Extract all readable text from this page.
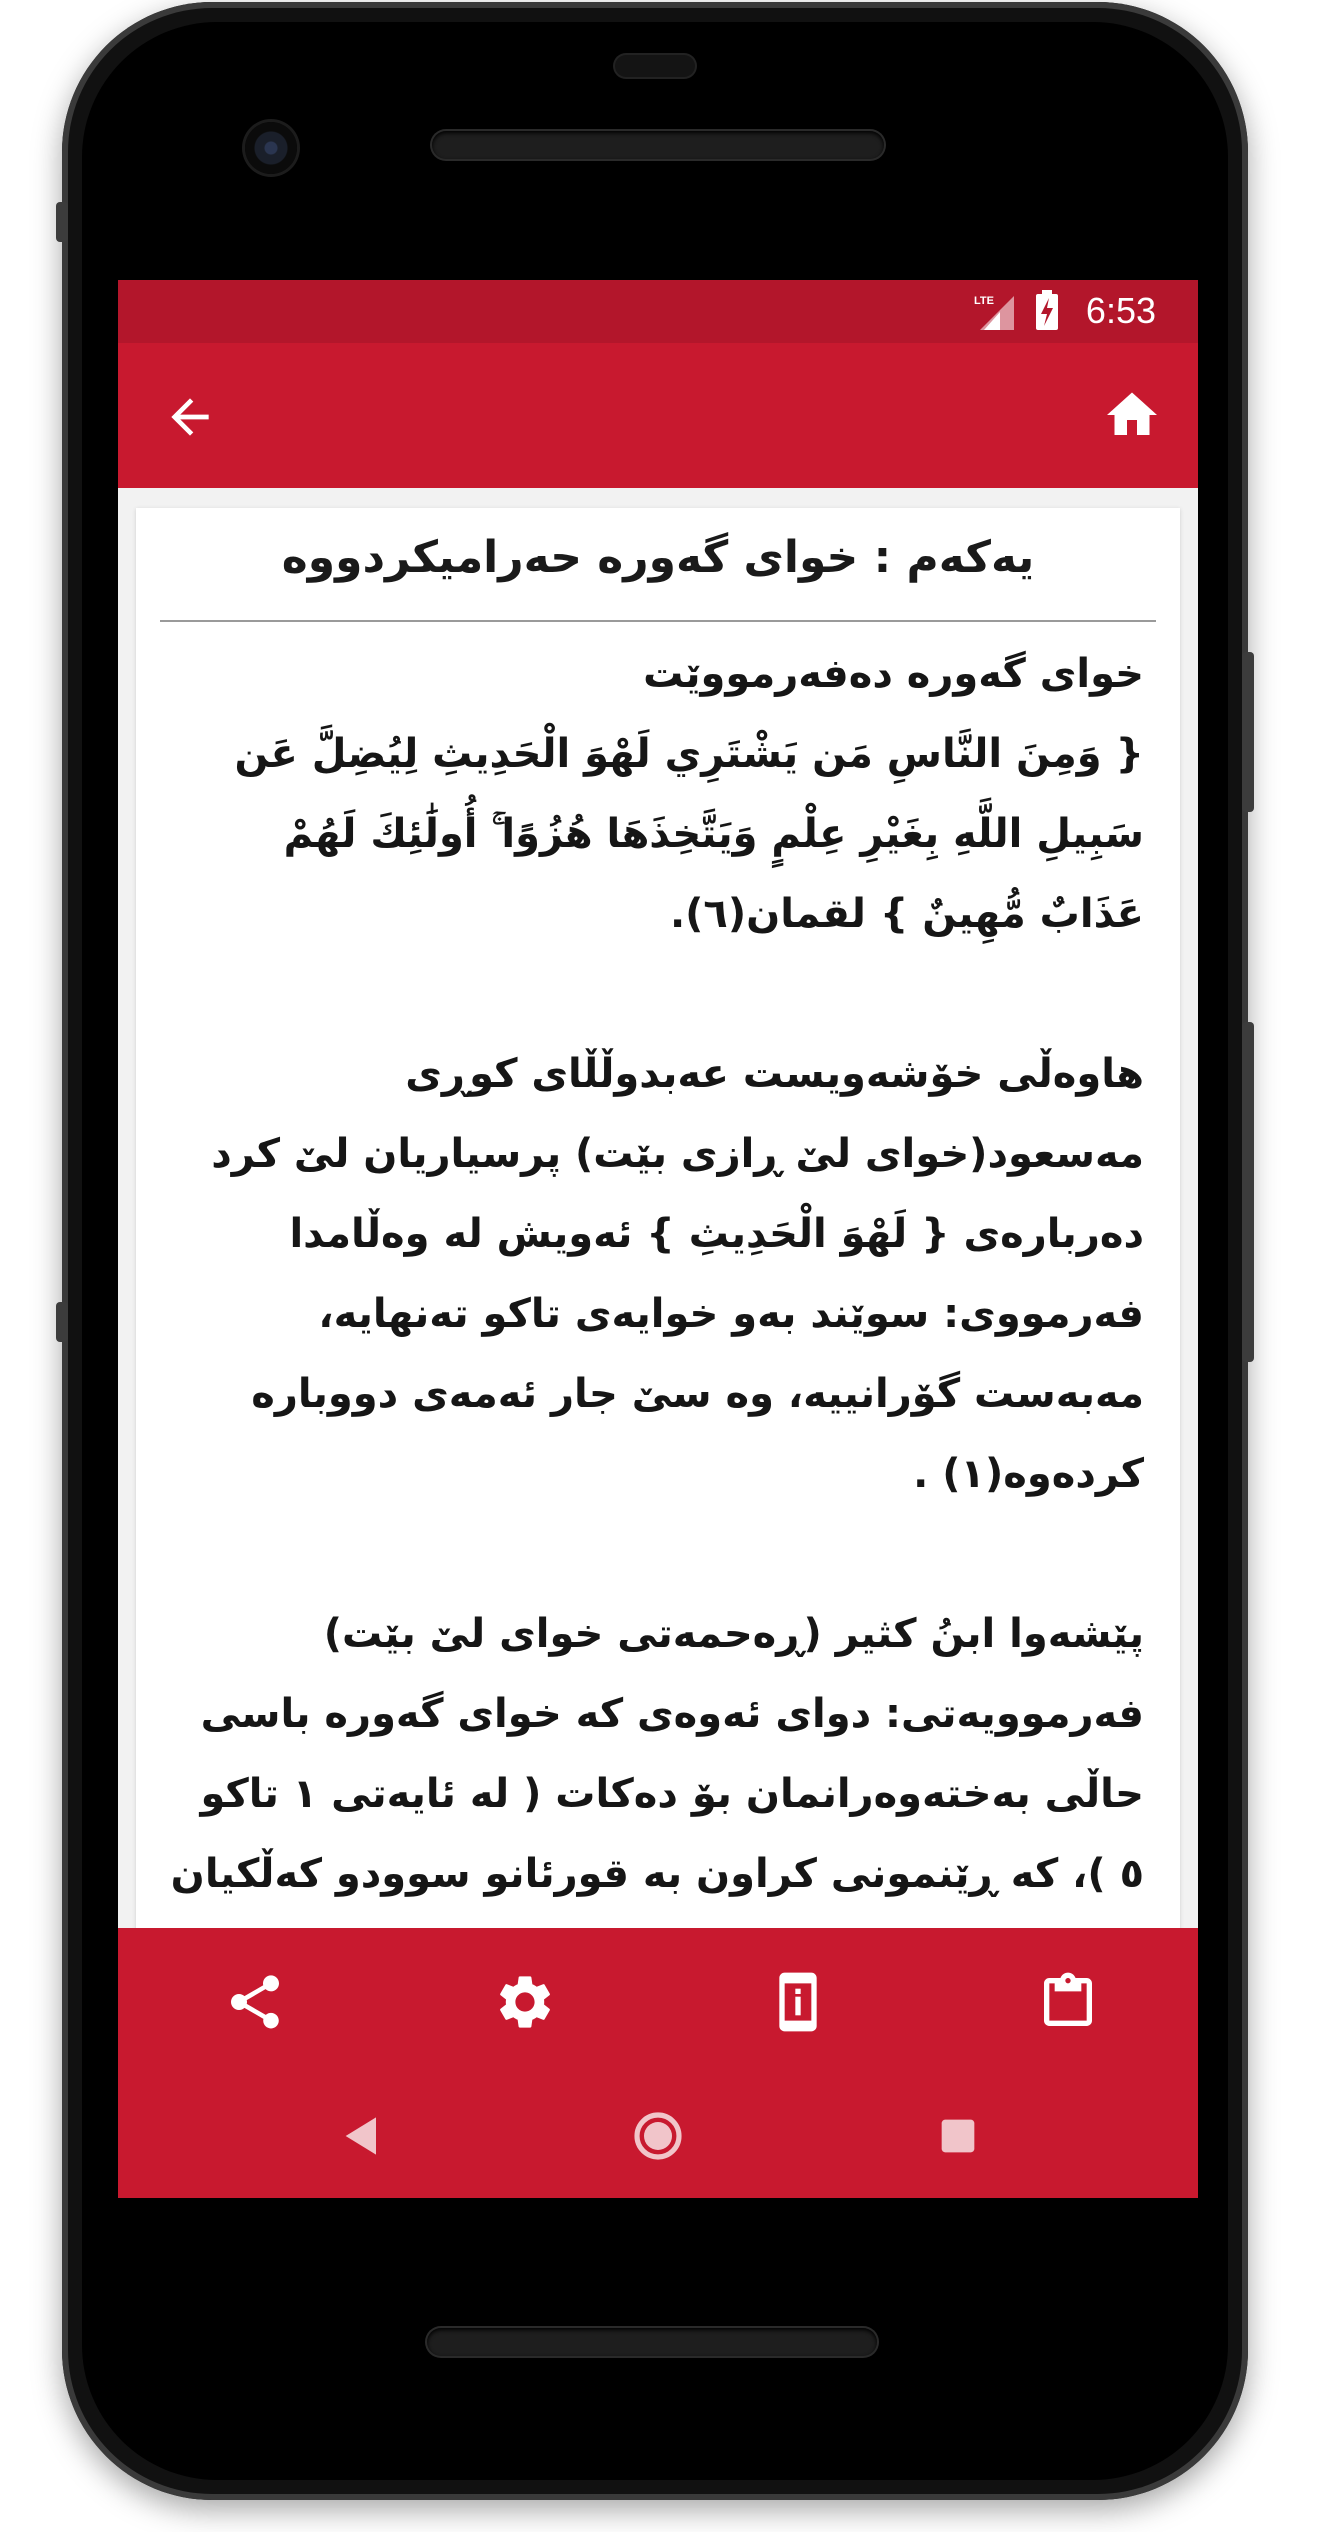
LTE	6:53
یەکەم : خوای گەورە حەرامیکردووە

خوای گەورە دەفەرمووێت

{ وَمِنَ النَّاسِ مَن يَشْتَرِي لَهْوَ الْحَدِيثِ لِيُضِلَّ عَن سَبِيلِ اللَّهِ بِغَيْرِ عِلْمٍ وَيَتَّخِذَهَا هُزُوًا ۚ أُولَٰئِكَ لَهُمْ عَذَابٌ مُّهِينٌ } لقمان(٦).

هاوەڵی خۆشەویست عەبدوڵڵای کوڕی مەسعود(خوای لێ ڕازی بێت) پرسیاریان لێ کرد دەربارەی { لَهْوَ الْحَدِيثِ } ئەویش لە وەڵامدا فەرمووی: سوێند بەو خوایەی تاکو تەنهایە، مەبەست گۆرانییە، وە سێ جار ئەمەی دووبارە کردەوە(١) .

پێشەوا ابنُ كثير (ڕەحمەتی خوای لێ بێت) فەرموویەتی: دوای ئەوەی کە خوای گەورە باسی حاڵی بەختەوەرانمان بۆ دەکات ( لە ئایەتی ١ تاکو ٥ )، کە ڕێنمونی کراون بە قورئانو سوودو کەڵکیان
